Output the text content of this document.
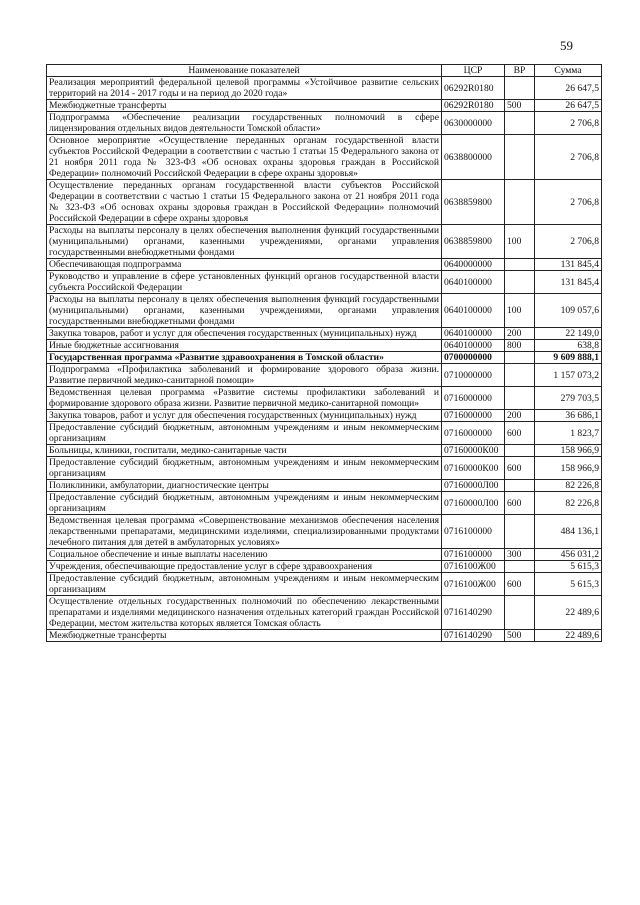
59
Наименование показателей	ЦСР	ВР	Сумма
Реализация мероприятий федеральной целевой программы «Устойчивое развитие сельских территорий на 2014 - 2017 годы и на период до 2020 года»	06292R0180		26 647,5
Межбюджетные трансферты	06292R0180	500	26 647,5
Подпрограмма «Обеспечение реализации государственных полномочий в сфере лицензирования отдельных видов деятельности Томской области»	0630000000		2 706,8
Основное мероприятие «Осуществление переданных органам государственной власти субъектов Российской Федерации в соответствии с частью 1 статьи 15 Федерального закона от 21 ноября 2011 года № 323-ФЗ «Об основах охраны здоровья граждан в Российской Федерации» полномочий Российской Федерации в сфере охраны здоровья»	0638800000		2 706,8
Осуществление переданных органам государственной власти субъектов Российской Федерации в соответствии с частью 1 статьи 15 Федерального закона от 21 ноября 2011 года № 323-ФЗ «Об основах охраны здоровья граждан в Российской Федерации» полномочий Российской Федерации в сфере охраны здоровья	0638859800		2 706,8
Расходы на выплаты персоналу в целях обеспечения выполнения функций государственными (муниципальными) органами, казенными учреждениями, органами управления государственными внебюджетными фондами	0638859800	100	2 706,8
Обеспечивающая подпрограмма	0640000000		131 845,4
Руководство и управление в сфере установленных функций органов государственной власти субъекта Российской Федерации	0640100000		131 845,4
Расходы на выплаты персоналу в целях обеспечения выполнения функций государственными (муниципальными) органами, казенными учреждениями, органами управления государственными внебюджетными фондами	0640100000	100	109 057,6
Закупка товаров, работ и услуг для обеспечения государственных (муниципальных) нужд	0640100000	200	22 149,0
Иные бюджетные ассигнования	0640100000	800	638,8
Государственная программа «Развитие здравоохранения в Томской области»	0700000000		9 609 888,1
Подпрограмма «Профилактика заболеваний и формирование здорового образа жизни. Развитие первичной медико-санитарной помощи»	0710000000		1 157 073,2
Ведомственная целевая программа «Развитие системы профилактики заболеваний и формирование здорового образа жизни. Развитие первичной медико-санитарной помощи»	0716000000		279 703,5
Закупка товаров, работ и услуг для обеспечения государственных (муниципальных) нужд	0716000000	200	36 686,1
Предоставление субсидий бюджетным, автономным учреждениям и иным некоммерческим организациям	0716000000	600	1 823,7
Больницы, клиники, госпитали, медико-санитарные части	07160000К00		158 966,9
Предоставление субсидий бюджетным, автономным учреждениям и иным некоммерческим организациям	07160000К00	600	158 966,9
Поликлиники, амбулатории, диагностические центры	07160000Л00		82 226,8
Предоставление субсидий бюджетным, автономным учреждениям и иным некоммерческим организациям	07160000Л00	600	82 226,8
Ведомственная целевая программа «Совершенствование механизмов обеспечения населения лекарственными препаратами, медицинскими изделиями, специализированными продуктами лечебного питания для детей в амбулаторных условиях»	0716100000		484 136,1
Социальное обеспечение и иные выплаты населению	0716100000	300	456 031,2
Учреждения, обеспечивающие предоставление услуг в сфере здравоохранения	0716100Ж00		5 615,3
Предоставление субсидий бюджетным, автономным учреждениям и иным некоммерческим организациям	0716100Ж00	600	5 615,3
Осуществление отдельных государственных полномочий по обеспечению лекарственными препаратами и изделиями медицинского назначения отдельных категорий граждан Российской Федерации, местом жительства которых является Томская область	0716140290		22 489,6
Межбюджетные трансферты	0716140290	500	22 489,6
